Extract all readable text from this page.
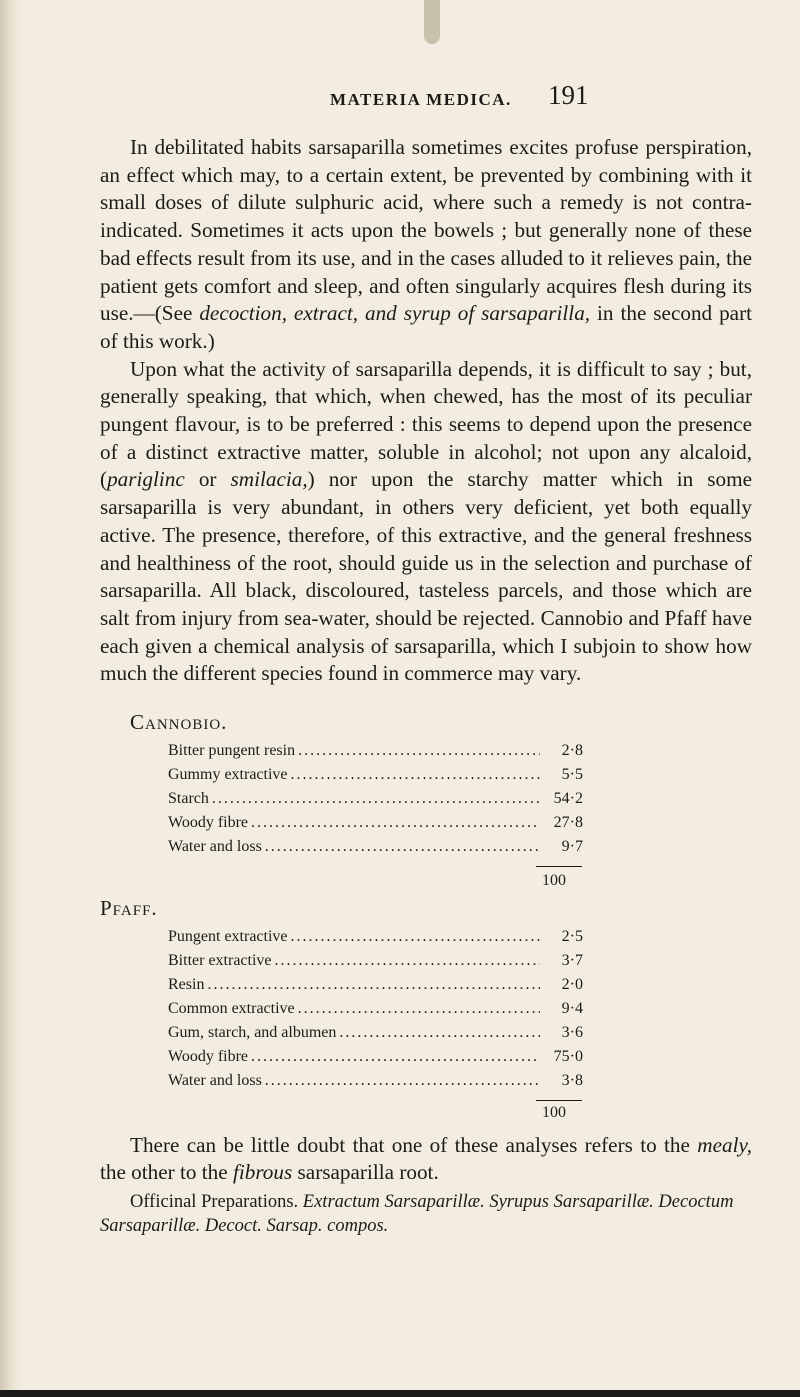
MATERIA MEDICA. 191

In debilitated habits sarsaparilla sometimes excites profuse perspiration, an effect which may, to a certain extent, be prevented by combining with it small doses of dilute sulphuric acid, where such a remedy is not contra-indicated. Sometimes it acts upon the bowels ; but generally none of these bad effects result from its use, and in the cases alluded to it relieves pain, the patient gets comfort and sleep, and often singularly acquires flesh during its use.—(See decoction, extract, and syrup of sarsaparilla, in the second part of this work.)

Upon what the activity of sarsaparilla depends, it is difficult to say ; but, generally speaking, that which, when chewed, has the most of its peculiar pungent flavour, is to be preferred : this seems to depend upon the presence of a distinct extractive matter, soluble in alcohol; not upon any alcaloid, (pariglinc or smilacia,) nor upon the starchy matter which in some sarsaparilla is very abundant, in others very deficient, yet both equally active. The presence, therefore, of this extractive, and the general freshness and healthiness of the root, should guide us in the selection and purchase of sarsaparilla. All black, discoloured, tasteless parcels, and those which are salt from injury from sea-water, should be rejected. Cannobio and Pfaff have each given a chemical analysis of sarsaparilla, which I subjoin to show how much the different species found in commerce may vary.

Cannobio.
Bitter pungent resin .....	2·8
Gummy extractive .....	5·5
Starch .....	54·2
Woody fibre .....	27·8
Water and loss .....	9·7
100
Pfaff.
Pungent extractive .....	2·5
Bitter extractive .....	3·7
Resin .....	2·0
Common extractive .....	9·4
Gum, starch, and albumen .....	3·6
Woody fibre .....	75·0
Water and loss .....	3·8
100

There can be little doubt that one of these analyses refers to the mealy, the other to the fibrous sarsaparilla root.

Officinal Preparations. Extractum Sarsaparillæ. Syrupus Sarsaparillæ. Decoctum Sarsaparillæ. Decoct. Sarsap. compos.
